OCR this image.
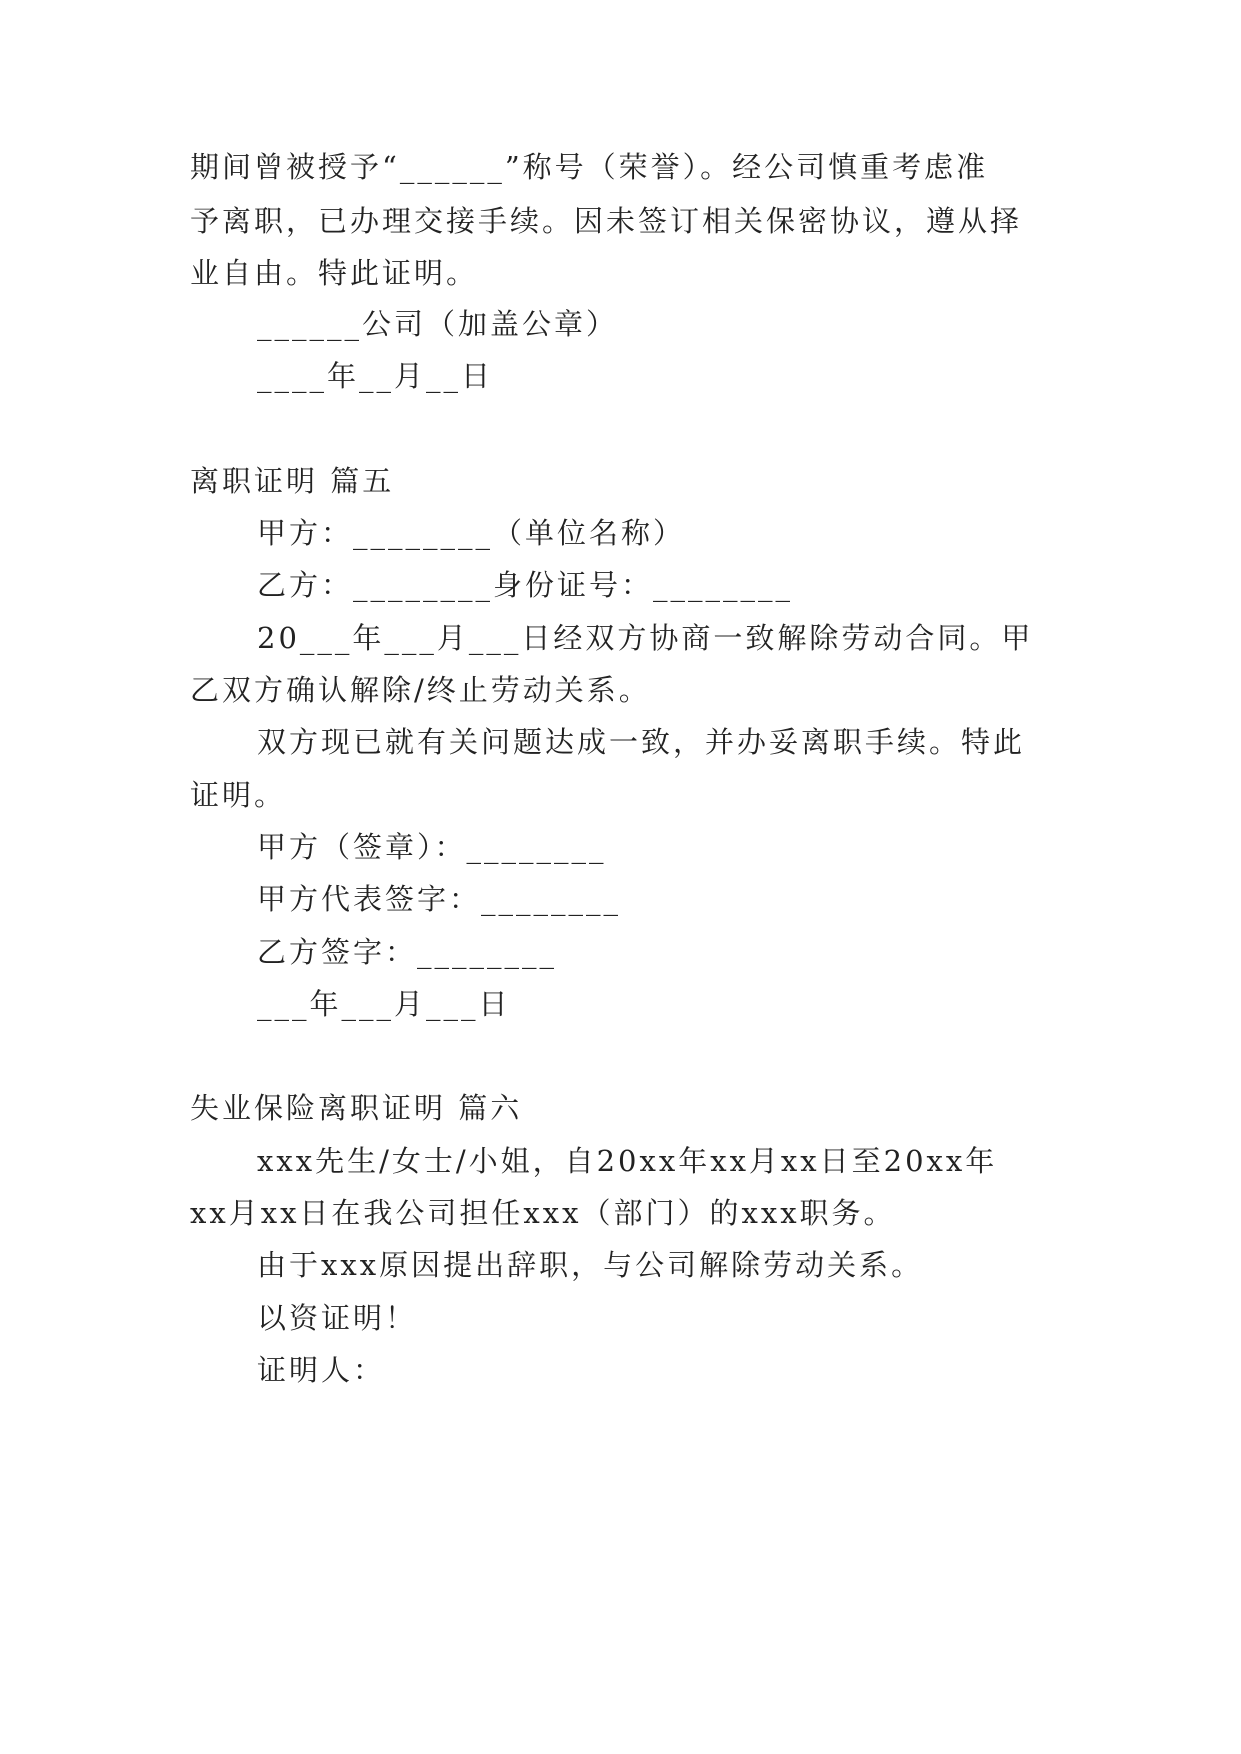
期间曾被授予“______”称号（荣誉）。经公司慎重考虑准
予离职，已办理交接手续。因未签订相关保密协议，遵从择
业自由。特此证明。
______公司（加盖公章）
____年__月__日
离职证明 篇五
甲方：________（单位名称）
乙方：________身份证号：________
20___年___月___日经双方协商一致解除劳动合同。甲
乙双方确认解除/终止劳动关系。
双方现已就有关问题达成一致，并办妥离职手续。特此
证明。
甲方（签章）：________
甲方代表签字：________
乙方签字：________
___年___月___日
失业保险离职证明 篇六
xxx先生/女士/小姐，自20xx年xx月xx日至20xx年
xx月xx日在我公司担任xxx（部门）的xxx职务。
由于xxx原因提出辞职，与公司解除劳动关系。
以资证明！
证明人：
